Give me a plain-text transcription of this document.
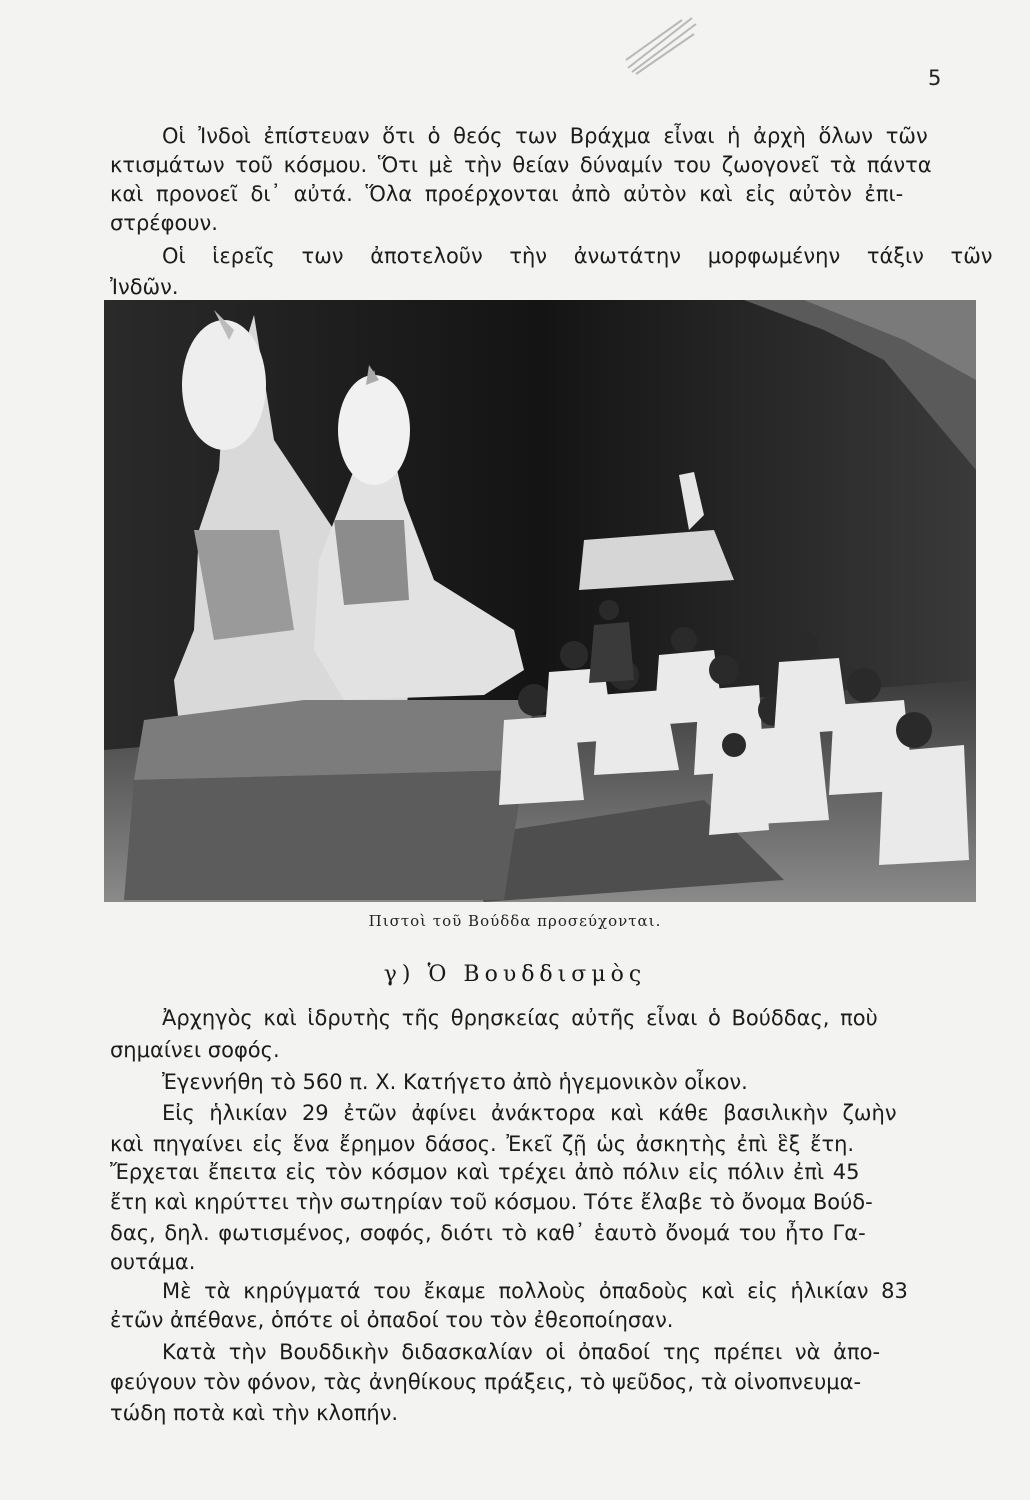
5
Οἱ Ἰνδοὶ ἐπίστευαν ὅτι ὁ θεός των Βράχμα εἶναι ἡ ἀρχὴ ὅλων τῶν
κτισμάτων τοῦ κόσμου. Ὅτι μὲ τὴν θείαν δύναμίν του ζωογονεῖ τὰ πάντα
καὶ προνοεῖ δι᾽ αὐτά. Ὅλα προέρχονται ἀπὸ αὐτὸν καὶ εἰς αὐτὸν ἐπι-
στρέφουν.
Οἱ ἱερεῖς των ἀποτελοῦν τὴν ἀνωτάτην μορφωμένην τάξιν τῶν
Ἰνδῶν.
Πιστοὶ τοῦ Βούδδα προσεύχονται.
γ) Ὁ Βουδδισμὸς
Ἀρχηγὸς καὶ ἱδρυτὴς τῆς θρησκείας αὐτῆς εἶναι ὁ Βούδδας, ποὺ
σημαίνει σοφός.
Ἐγεννήθη τὸ 560 π. Χ. Κατήγετο ἀπὸ ἡγεμονικὸν οἶκον.
Εἰς ἡλικίαν 29 ἐτῶν ἀφίνει ἀνάκτορα καὶ κάθε βασιλικὴν ζωὴν
καὶ πηγαίνει εἰς ἕνα ἔρημον δάσος. Ἐκεῖ ζῇ ὡς ἀσκητὴς ἐπὶ ἓξ ἔτη.
Ἔρχεται ἔπειτα εἰς τὸν κόσμον καὶ τρέχει ἀπὸ πόλιν εἰς πόλιν ἐπὶ 45
ἔτη καὶ κηρύττει τὴν σωτηρίαν τοῦ κόσμου. Τότε ἔλαβε τὸ ὄνομα Βούδ-
δας, δηλ. φωτισμένος, σοφός, διότι τὸ καθ᾽ ἑαυτὸ ὄνομά του ἦτο Γα-
ουτάμα.
Μὲ τὰ κηρύγματά του ἔκαμε πολλοὺς ὀπαδοὺς καὶ εἰς ἡλικίαν 83
ἐτῶν ἀπέθανε, ὁπότε οἱ ὀπαδοί του τὸν ἐθεοποίησαν.
Κατὰ τὴν Βουδδικὴν διδασκαλίαν οἱ ὀπαδοί της πρέπει νὰ ἀπο-
φεύγουν τὸν φόνον, τὰς ἀνηθίκους πράξεις, τὸ ψεῦδος, τὰ οἰνοπνευμα-
τώδη ποτὰ καὶ τὴν κλοπήν.
